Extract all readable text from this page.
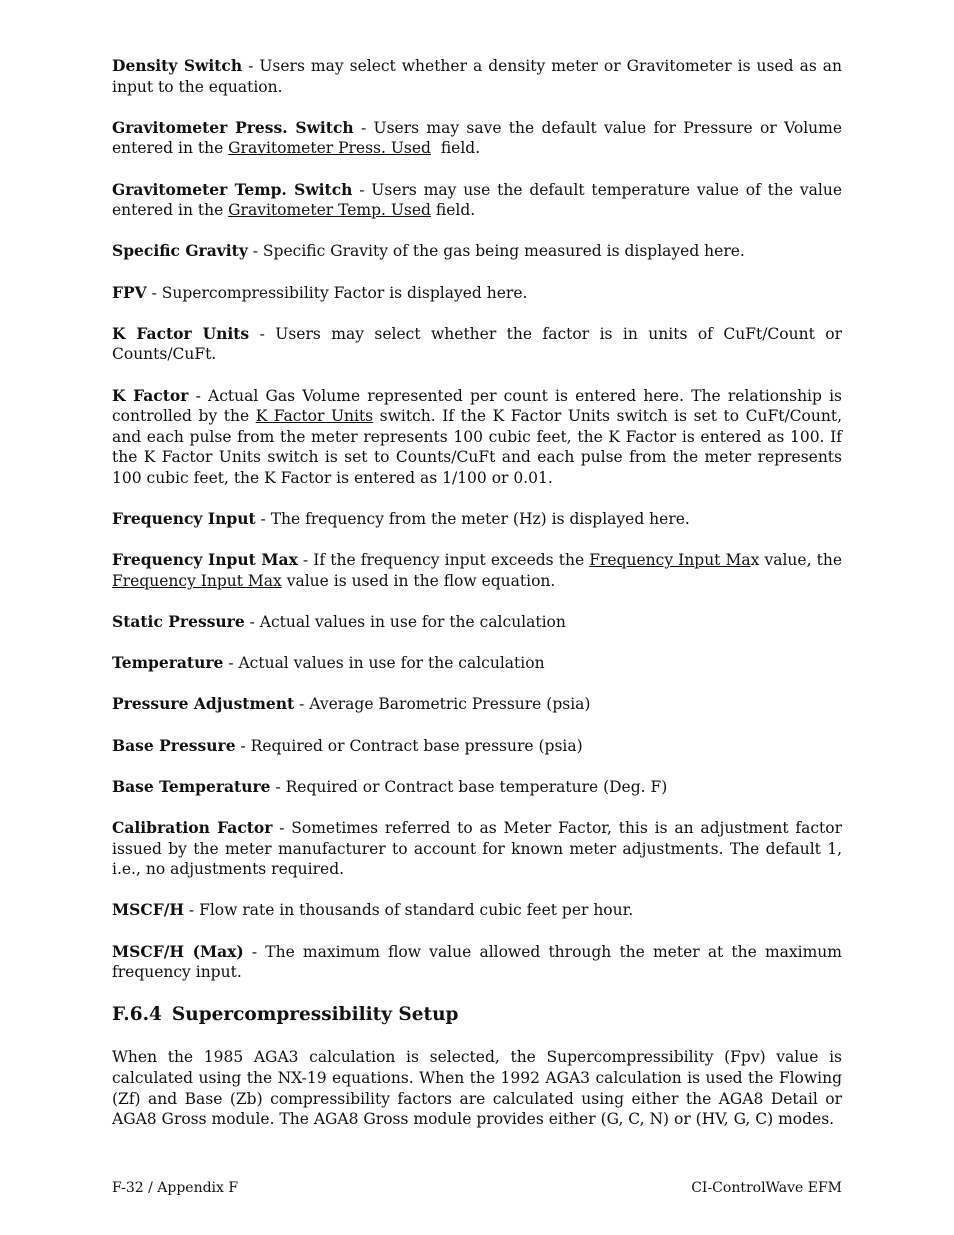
Density Switch - Users may select whether a density meter or Gravitometer is used as an input to the equation.

Gravitometer Press. Switch - Users may save the default value for Pressure or Volume entered in the Gravitometer Press. Used  field.

Gravitometer Temp. Switch - Users may use the default temperature value of the value entered in the Gravitometer Temp. Used field.

Specific Gravity - Specific Gravity of the gas being measured is displayed here.

FPV - Supercompressibility Factor is displayed here.

K Factor Units - Users may select whether the factor is in units of CuFt/Count or Counts/CuFt.

K Factor - Actual Gas Volume represented per count is entered here. The relationship is controlled by the K Factor Units switch. If the K Factor Units switch is set to CuFt/Count, and each pulse from the meter represents 100 cubic feet, the K Factor is entered as 100. If the K Factor Units switch is set to Counts/CuFt and each pulse from the meter represents 100 cubic feet, the K Factor is entered as 1/100 or 0.01.

Frequency Input - The frequency from the meter (Hz) is displayed here.

Frequency Input Max - If the frequency input exceeds the Frequency Input Max value, the Frequency Input Max value is used in the flow equation.

Static Pressure - Actual values in use for the calculation

Temperature - Actual values in use for the calculation

Pressure Adjustment - Average Barometric Pressure (psia)

Base Pressure - Required or Contract base pressure (psia)

Base Temperature - Required or Contract base temperature (Deg. F)

Calibration Factor - Sometimes referred to as Meter Factor, this is an adjustment factor issued by the meter manufacturer to account for known meter adjustments. The default 1, i.e., no adjustments required.

MSCF/H - Flow rate in thousands of standard cubic feet per hour.

MSCF/H (Max) - The maximum flow value allowed through the meter at the maximum frequency input.

F.6.4 Supercompressibility Setup

When the 1985 AGA3 calculation is selected, the Supercompressibility (Fpv) value is calculated using the NX-19 equations. When the 1992 AGA3 calculation is used the Flowing (Zf) and Base (Zb) compressibility factors are calculated using either the AGA8 Detail or AGA8 Gross module. The AGA8 Gross module provides either (G, C, N) or (HV, G, C) modes.

F-32 / Appendix F	CI-ControlWave EFM
